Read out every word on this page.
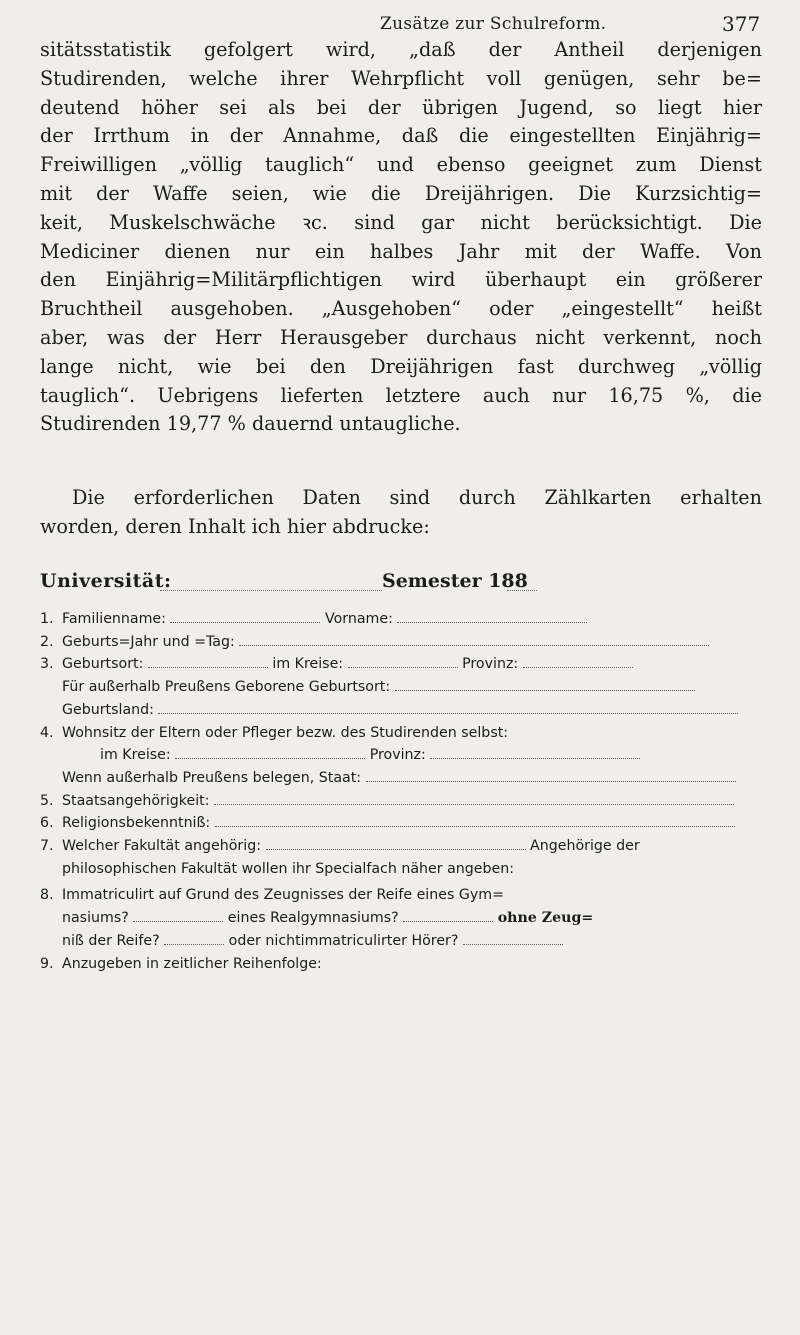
Zusätze zur Schulreform.	377
sitätsstatistik gefolgert wird, „daß der Antheil derjenigen
Studirenden, welche ihrer Wehrpflicht voll genügen, sehr be=
deutend höher sei als bei der übrigen Jugend, so liegt hier
der Irrthum in der Annahme, daß die eingestellten Einjährig=
Freiwilligen „völlig tauglich“ und ebenso geeignet zum Dienst
mit der Waffe seien, wie die Dreijährigen. Die Kurzsichtig=
keit, Muskelschwäche ꝛc. sind gar nicht berücksichtigt. Die
Mediciner dienen nur ein halbes Jahr mit der Waffe. Von
den Einjährig=Militärpflichtigen wird überhaupt ein größerer
Bruchtheil ausgehoben. „Ausgehoben“ oder „eingestellt“ heißt
aber, was der Herr Herausgeber durchaus nicht verkennt, noch
lange nicht, wie bei den Dreijährigen fast durchweg „völlig
tauglich“. Uebrigens lieferten letztere auch nur 16,75 %, die
Studirenden 19,77 % dauernd untaugliche.
Die erforderlichen Daten sind durch Zählkarten erhalten
worden, deren Inhalt ich hier abdrucke:
Universität:	Semester 188
1. Familienname:	Vorname:
2. Geburts=Jahr und =Tag:
3. Geburtsort:	im Kreise:	Provinz:
Für außerhalb Preußens Geborene Geburtsort:
Geburtsland:
4. Wohnsitz der Eltern oder Pfleger bezw. des Studirenden selbst:
im Kreise:	Provinz:
Wenn außerhalb Preußens belegen, Staat:
5. Staatsangehörigkeit:
6. Religionsbekenntniß:
7. Welcher Fakultät angehörig:	Angehörige der
philosophischen Fakultät wollen ihr Specialfach näher angeben:
8. Immatriculirt auf Grund des Zeugnisses der Reife eines Gym=
nasiums?	eines Realgymnasiums?	ohne Zeug=
niß der Reife?	oder nichtimmatriculirter Hörer?
9. Anzugeben in zeitlicher Reihenfolge:
